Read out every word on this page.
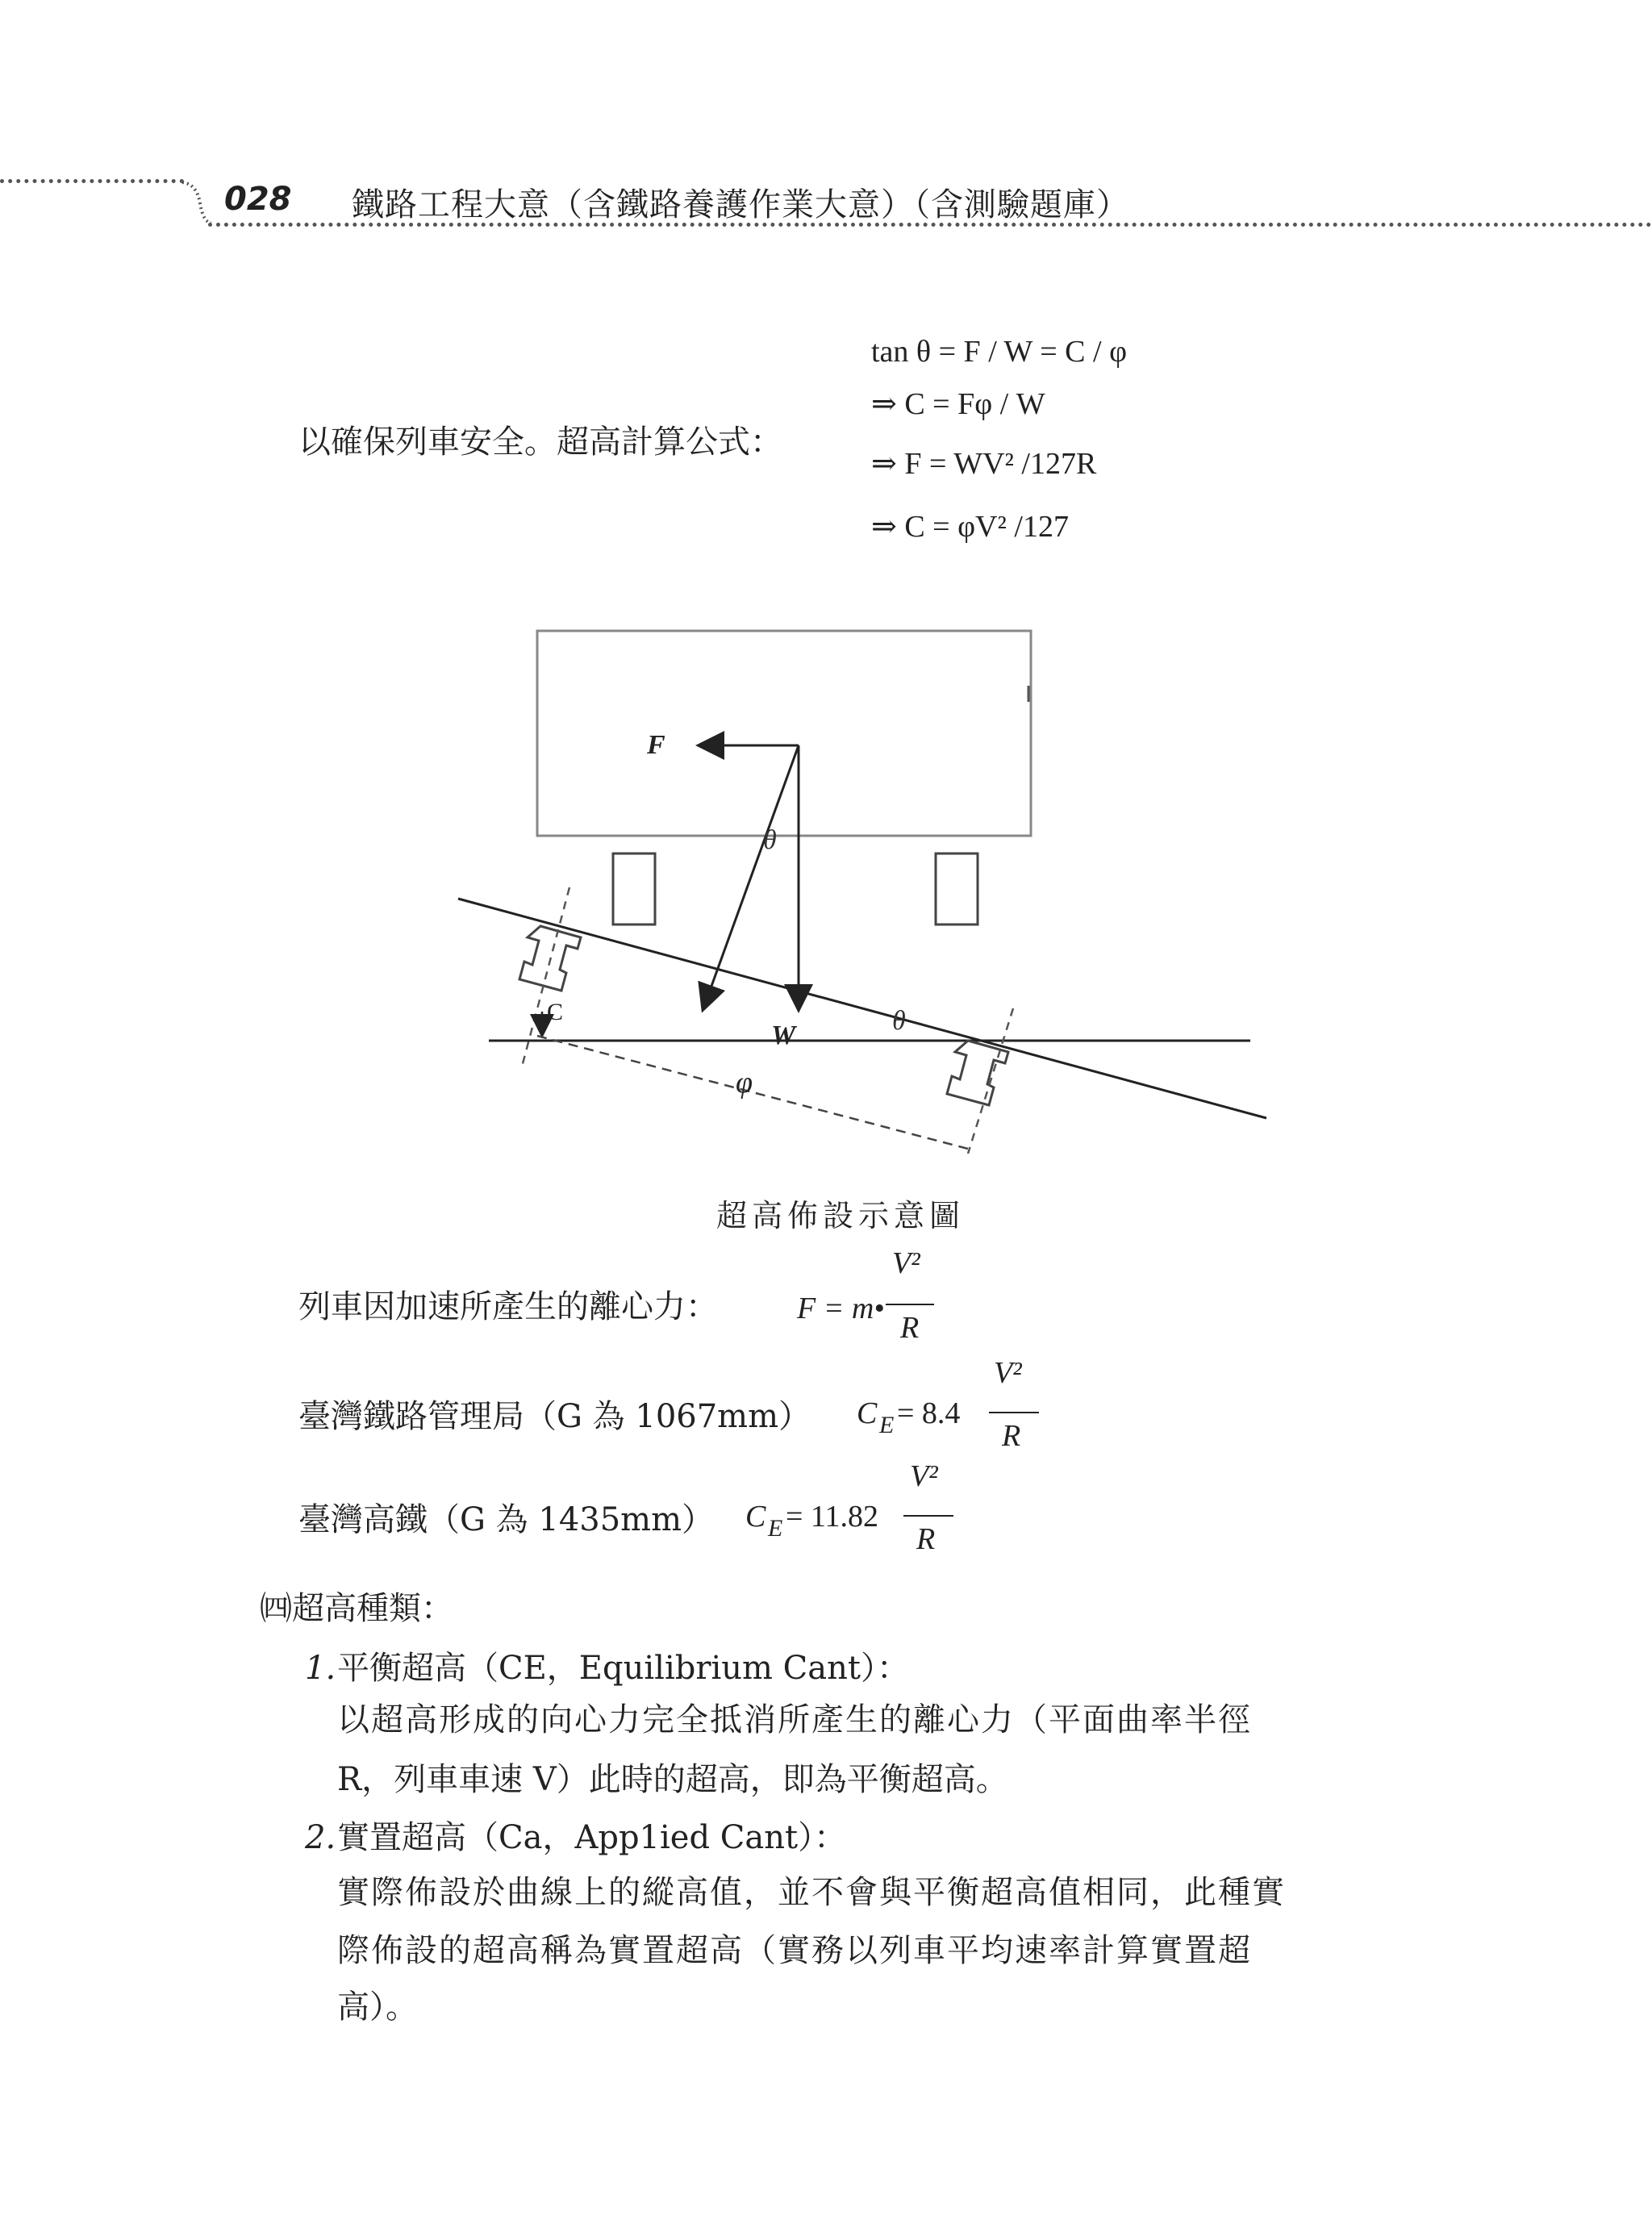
028 鐵路工程大意（含鐵路養護作業大意）（含測驗題庫）
以確保列車安全。超高計算公式：
tan θ = F / W = C / φ
⇒ C = Fφ / W
⇒ F = WV² /127R
⇒ C = φV² /127
F
W
θ
θ
C
φ
超高佈設示意圖
列車因加速所產生的離心力：	F = m•
V²
R
臺灣鐵路管理局（G 為 1067mm） C E = 8.4
V²
R
臺灣高鐵（G 為 1435mm） C E = 11.82
V²
R
㈣超高種類：
1. 平衡超高（CE，Equilibrium Cant）：
以超高形成的向心力完全抵消所產生的離心力（平面曲率半徑
R，列車車速 V）此時的超高，即為平衡超高。
2. 實置超高（Ca，App1ied Cant）：
實際佈設於曲線上的縱高值，並不會與平衡超高值相同，此種實
際佈設的超高稱為實置超高（實務以列車平均速率計算實置超
高）。
